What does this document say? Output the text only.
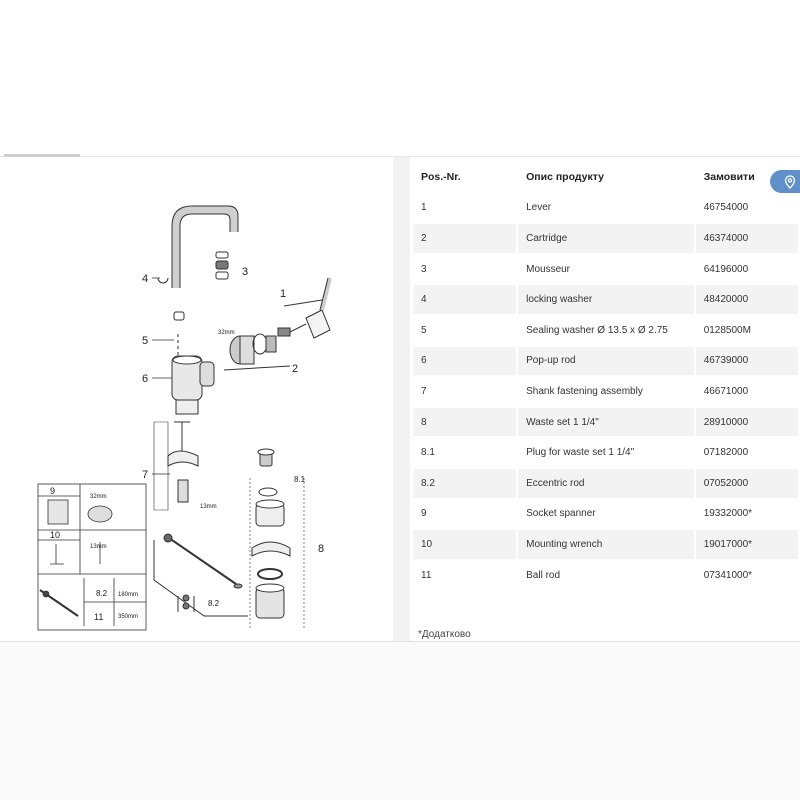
1
2
3
4
5
6
7
8
8.1
8.2
32mm
13mm
9
32mm
10
13mm
8.2 180mm
11 350mm
Pos.-Nr.	Опис продукту	Замовити
1	Lever	46754000
2	Cartridge	46374000
3	Mousseur	64196000
4	locking washer	48420000
5	Sealing washer Ø 13.5 x Ø 2.75	0128500M
6	Pop-up rod	46739000
7	Shank fastening assembly	46671000
8	Waste set 1 1/4"	28910000
8.1	Plug for waste set 1 1/4"	07182000
8.2	Eccentric rod	07052000
9	Socket spanner	19332000*
10	Mounting wrench	19017000*
11	Ball rod	07341000*
*Додатково
